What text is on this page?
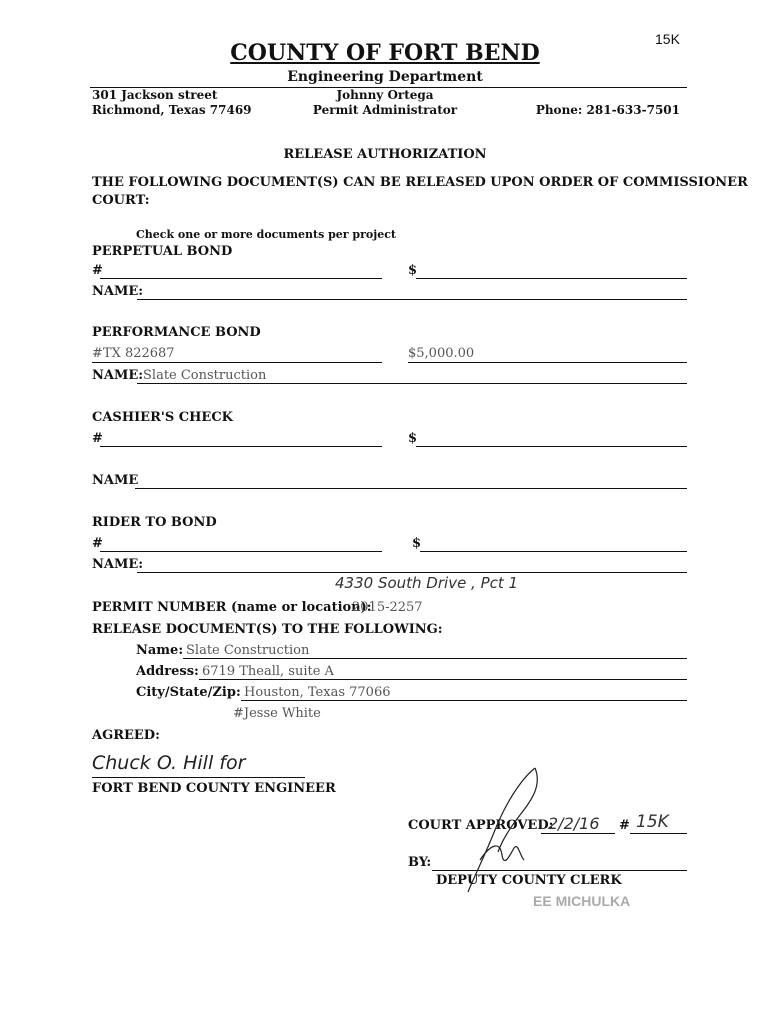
15K
COUNTY OF FORT BEND
Engineering Department
301 Jackson street
Richmond, Texas 77469
Johnny Ortega
Permit Administrator	Phone: 281-633-7501
RELEASE AUTHORIZATION
THE FOLLOWING DOCUMENT(S) CAN BE RELEASED UPON ORDER OF COMMISSIONER
COURT:
Check one or more documents per project
PERPETUAL BOND
#	$
NAME:
PERFORMANCE BOND
#TX 822687	$5,000.00
NAME: Slate Construction
CASHIER'S CHECK
#	$
NAME
RIDER TO BOND
#	$
NAME:
4330 South Drive , Pct 1
PERMIT NUMBER (name or location):
2015-2257
RELEASE DOCUMENT(S) TO THE FOLLOWING:
Name: Slate Construction
Address: 6719 Theall, suite A
City/State/Zip: Houston, Texas 77066
#Jesse White
AGREED:
Chuck O. Hill for
FORT BEND COUNTY ENGINEER
COURT APPROVED:
2/2/16 # 15K
BY:
DEPUTY COUNTY CLERK
EE MICHULKA
